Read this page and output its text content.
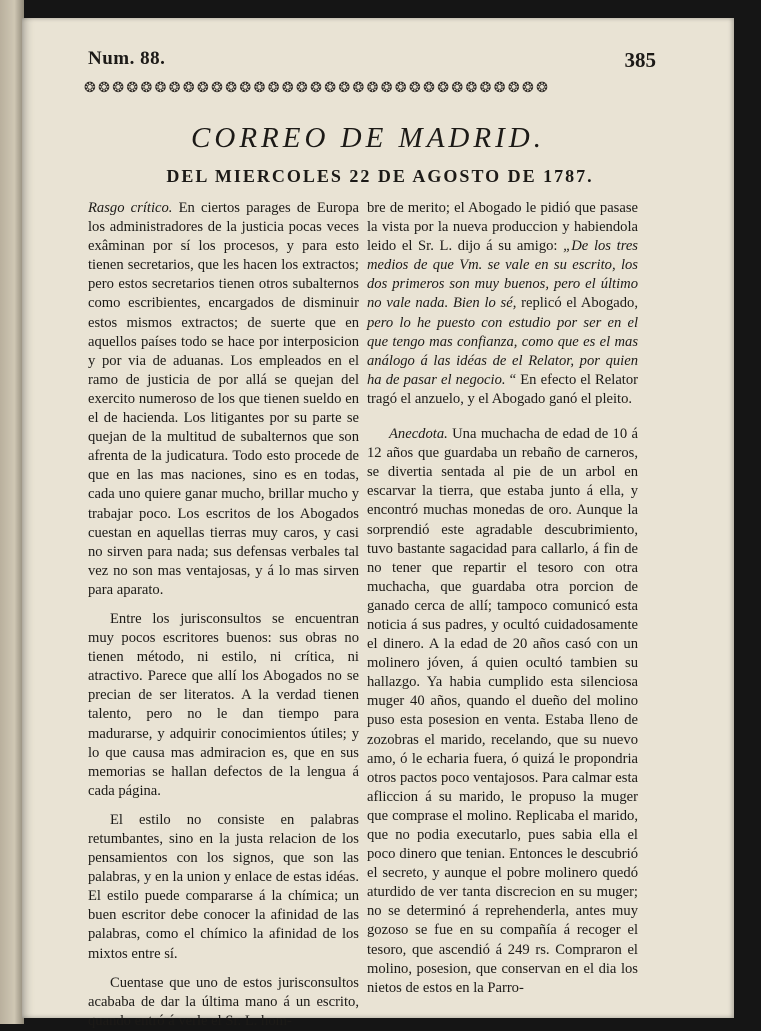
Num. 88.	385
❂❂❂❂❂❂❂❂❂❂❂❂❂❂❂❂❂❂❂❂❂❂❂❂❂❂❂❂❂❂❂❂❂
CORREO DE MADRID.
DEL MIERCOLES 22 DE AGOSTO DE 1787.

Rasgo crítico. En ciertos parages de Europa los administradores de la justicia pocas veces exâminan por sí los procesos, y para esto tienen secretarios, que les hacen los extractos; pero estos secretarios tienen otros subalternos como escribientes, encargados de disminuir estos mismos extractos; de suerte que en aquellos países todo se hace por interposicion y por via de aduanas. Los empleados en el ramo de justicia de por allá se quejan del exercito numeroso de los que tienen sueldo en el de hacienda. Los litigantes por su parte se quejan de la multitud de subalternos que son afrenta de la judicatura. Todo esto procede de que en las mas naciones, sino es en todas, cada uno quiere ganar mucho, brillar mucho y trabajar poco. Los escritos de los Abogados cuestan en aquellas tierras muy caros, y casi no sirven para nada; sus defensas verbales tal vez no son mas ventajosas, y á lo mas sirven para aparato.

Entre los jurisconsultos se encuentran muy pocos escritores buenos: sus obras no tienen método, ni estilo, ni crítica, ni atractivo. Parece que allí los Abogados no se precian de ser literatos. A la verdad tienen talento, pero no le dan tiempo para madurarse, y adquirir conocimientos útiles; y lo que causa mas admiracion es, que en sus memorias se hallan defectos de la lengua á cada página.

El estilo no consiste en palabras retumbantes, sino en la justa relacion de los pensamientos con los signos, que son las palabras, y en la union y enlace de estas idéas. El estilo puede compararse á la chímica; un buen escritor debe conocer la afinidad de las palabras, como el chímico la afinidad de los mixtos entre sí.

Cuentase que uno de estos jurisconsultos acababa de dar la última mano á un escrito, quando entró á verle el Sr. L. hom-

bre de merito; el Abogado le pidió que pasase la vista por la nueva produccion y habiendola leido el Sr. L. dijo á su amigo: „De los tres medios de que Vm. se vale en su escrito, los dos primeros son muy buenos, pero el último no vale nada. Bien lo sé, replicó el Abogado, pero lo he puesto con estudio por ser en el que tengo mas confianza, como que es el mas análogo á las idéas de el Relator, por quien ha de pasar el negocio. “ En efecto el Relator tragó el anzuelo, y el Abogado ganó el pleito.

Anecdota. Una muchacha de edad de 10 á 12 años que guardaba un rebaño de carneros, se divertia sentada al pie de un arbol en escarvar la tierra, que estaba junto á ella, y encontró muchas monedas de oro. Aunque la sorprendió este agradable descubrimiento, tuvo bastante sagacidad para callarlo, á fin de no tener que repartir el tesoro con otra muchacha, que guardaba otra porcion de ganado cerca de allí; tampoco comunicó esta noticia á sus padres, y ocultó cuidadosamente el dinero. A la edad de 20 años casó con un molinero jóven, á quien ocultó tambien su hallazgo. Ya habia cumplido esta silenciosa muger 40 años, quando el dueño del molino puso esta posesion en venta. Estaba lleno de zozobras el marido, recelando, que su nuevo amo, ó le echaria fuera, ó quizá le propondria otros pactos poco ventajosos. Para calmar esta afliccion á su marido, le propuso la muger que comprase el molino. Replicaba el marido, que no podia executarlo, pues sabia ella el poco dinero que tenian. Entonces le descubrió el secreto, y aunque el pobre molinero quedó aturdido de ver tanta discrecion en su muger; no se determinó á reprehenderla, antes muy gozoso se fue en su compañía á recoger el tesoro, que ascendió á 249 rs. Compraron el molino, posesion, que conservan en el dia los nietos de estos en la Parro-
